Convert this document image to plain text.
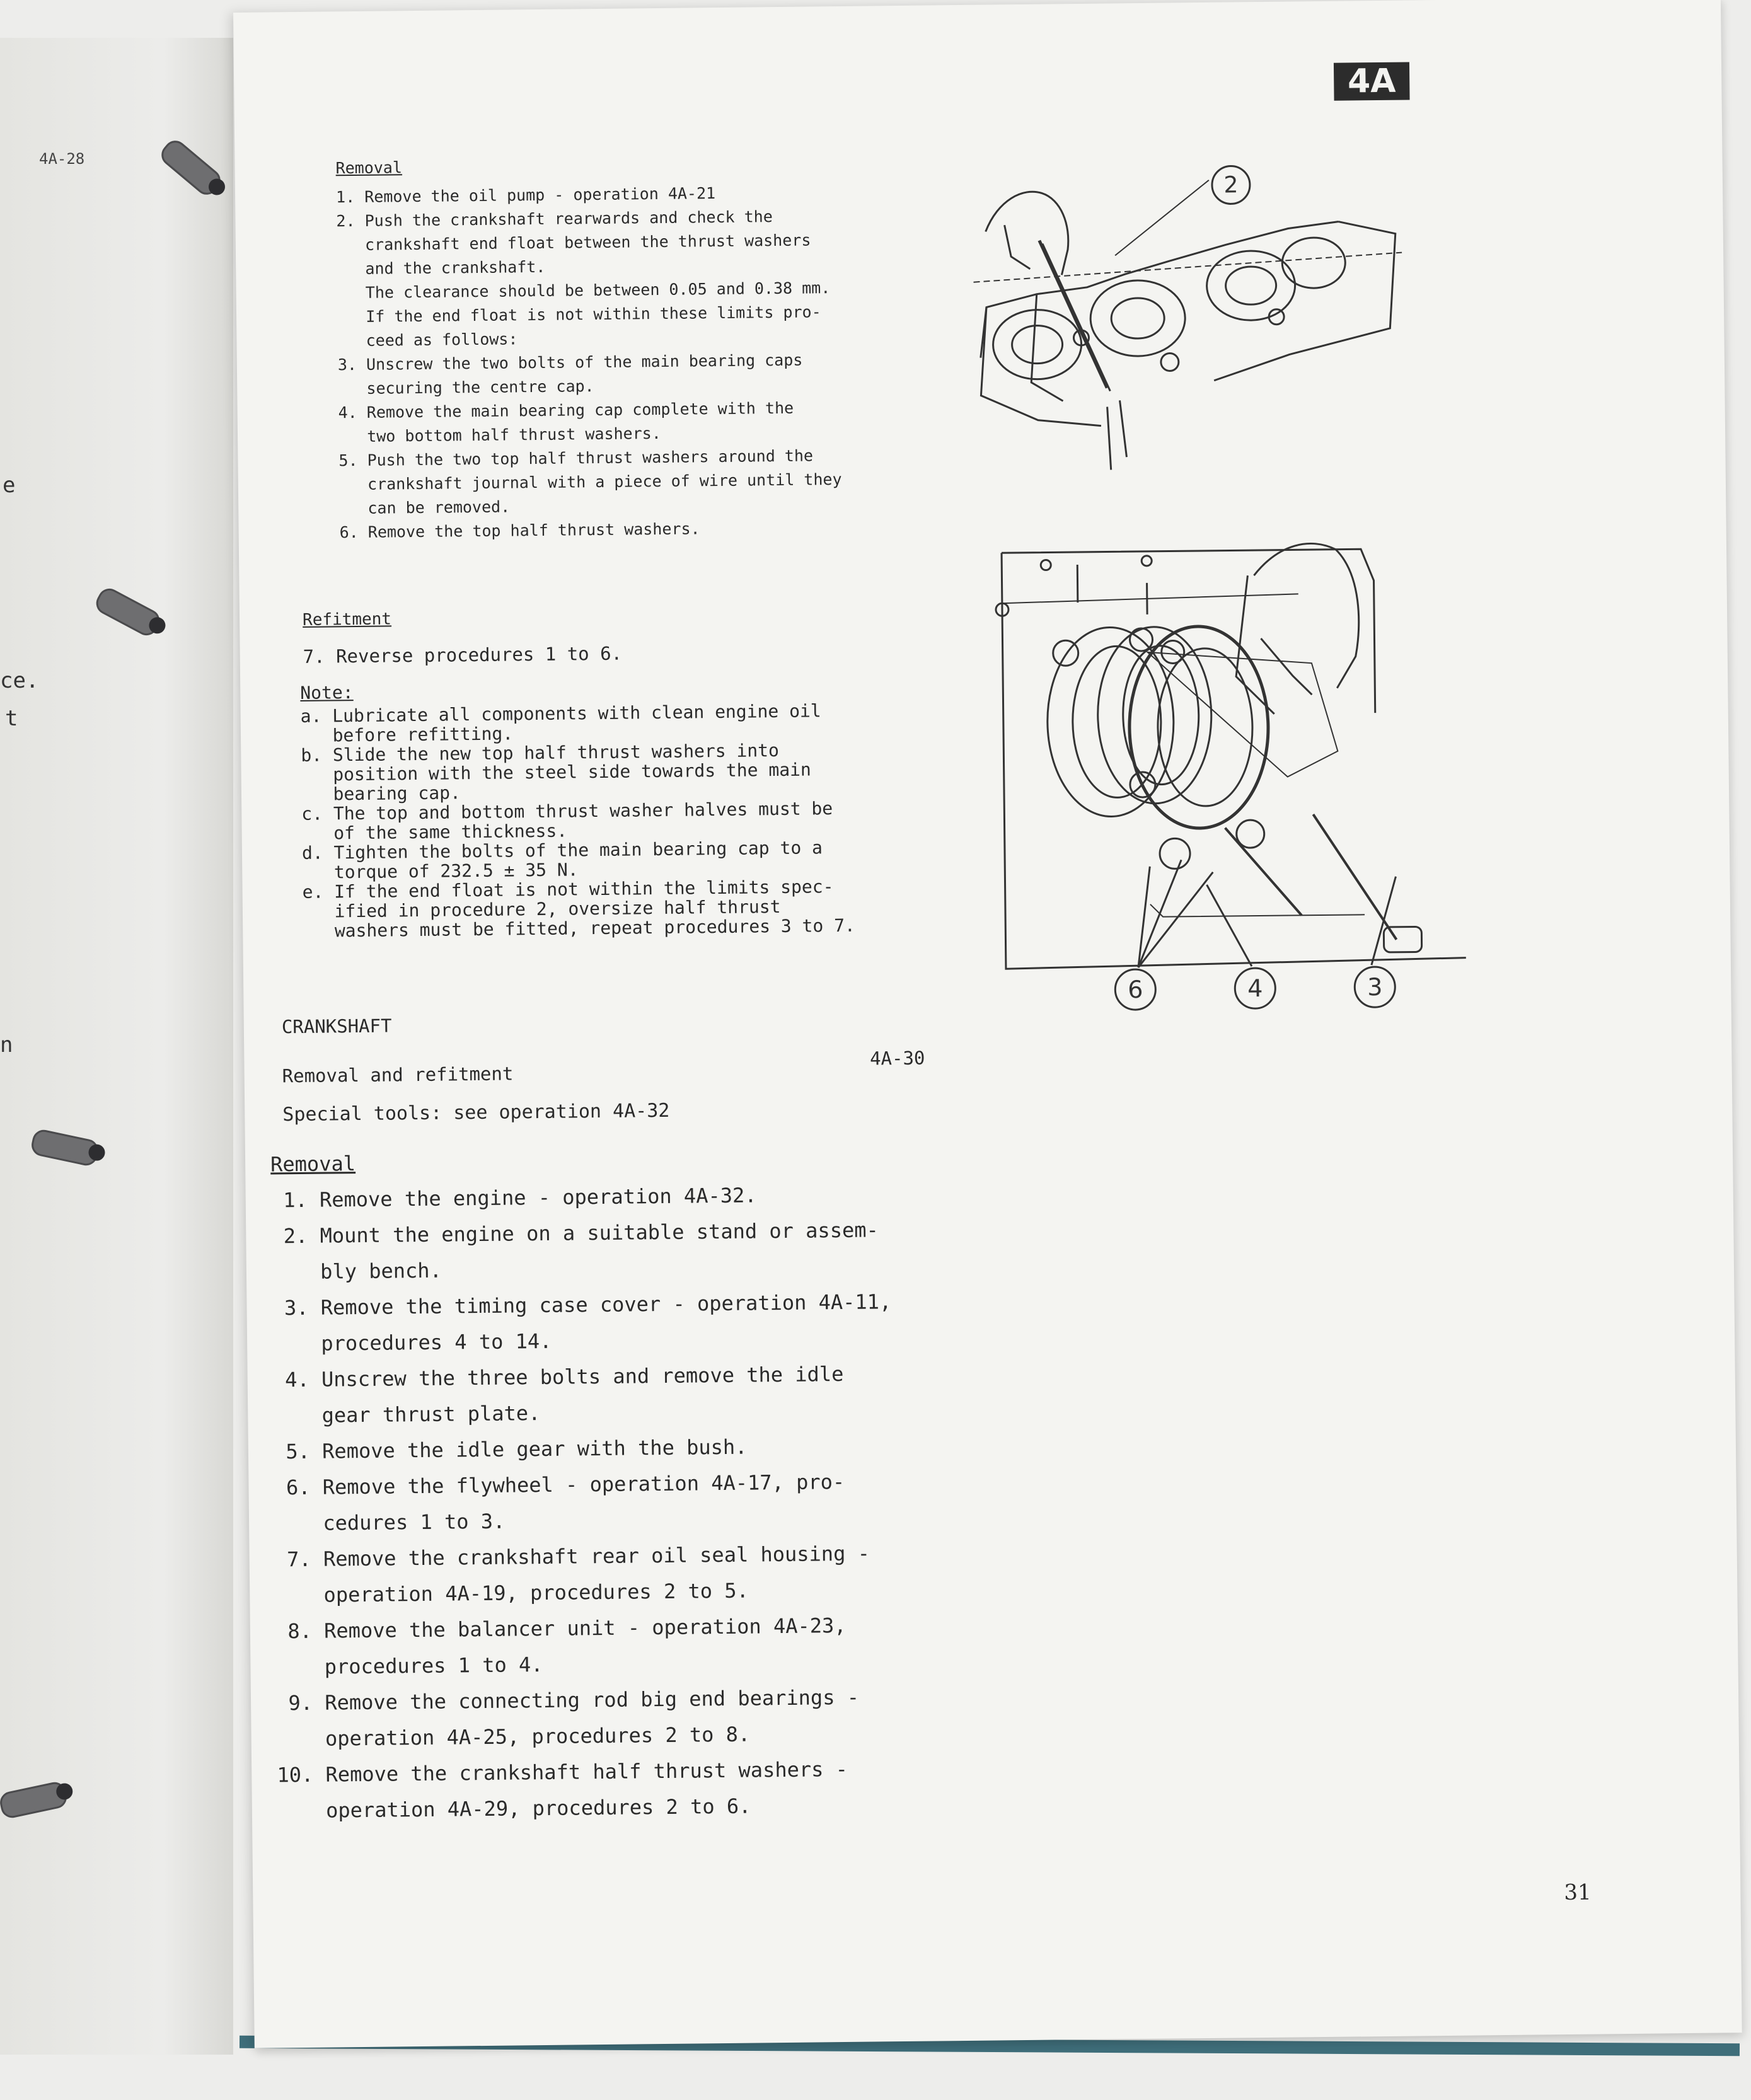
4A-28
e
ce.
t
n
4A
Removal
1.
Remove the oil pump - operation 4A-21
2.
Push the crankshaft rearwards and check the
crankshaft end float between the thrust washers
and the crankshaft.
The clearance should be between 0.05 and 0.38 mm.
If the end float is not within these limits pro-
ceed as follows:
3.
Unscrew the two bolts of the main bearing caps
securing the centre cap.
4.
Remove the main bearing cap complete with the
two bottom half thrust washers.
5.
Push the two top half thrust washers around the
crankshaft journal with a piece of wire until they
can be removed.
6.
Remove the top half thrust washers.
Refitment
7.
Reverse procedures 1 to 6.
Note:
a.
Lubricate all components with clean engine oil
before refitting.
b.
Slide the new top half thrust washers into
position with the steel side towards the main
bearing cap.
c.
The top and bottom thrust washer halves must be
of the same thickness.
d.
Tighten the bolts of the main bearing cap to a
torque of 232.5 ± 35 N.
e.
If the end float is not within the limits spec-
ified in procedure 2, oversize half thrust
washers must be fitted, repeat procedures 3 to 7.
CRANKSHAFT
Removal and refitment
4A-30
Special tools: see operation 4A-32
Removal
1.
Remove the engine - operation 4A-32.
2.
Mount the engine on a suitable stand or assem-
bly bench.
3.
Remove the timing case cover - operation 4A-11,
procedures 4 to 14.
4.
Unscrew the three bolts and remove the idle
gear thrust plate.
5.
Remove the idle gear with the bush.
6.
Remove the flywheel - operation 4A-17, pro-
cedures 1 to 3.
7.
Remove the crankshaft rear oil seal housing -
operation 4A-19, procedures 2 to 5.
8.
Remove the balancer unit - operation 4A-23,
procedures 1 to 4.
9.
Remove the connecting rod big end bearings -
operation 4A-25, procedures 2 to 8.
10.
Remove the crankshaft half thrust washers -
operation 4A-29, procedures 2 to 6.
2
6	4	3
31
